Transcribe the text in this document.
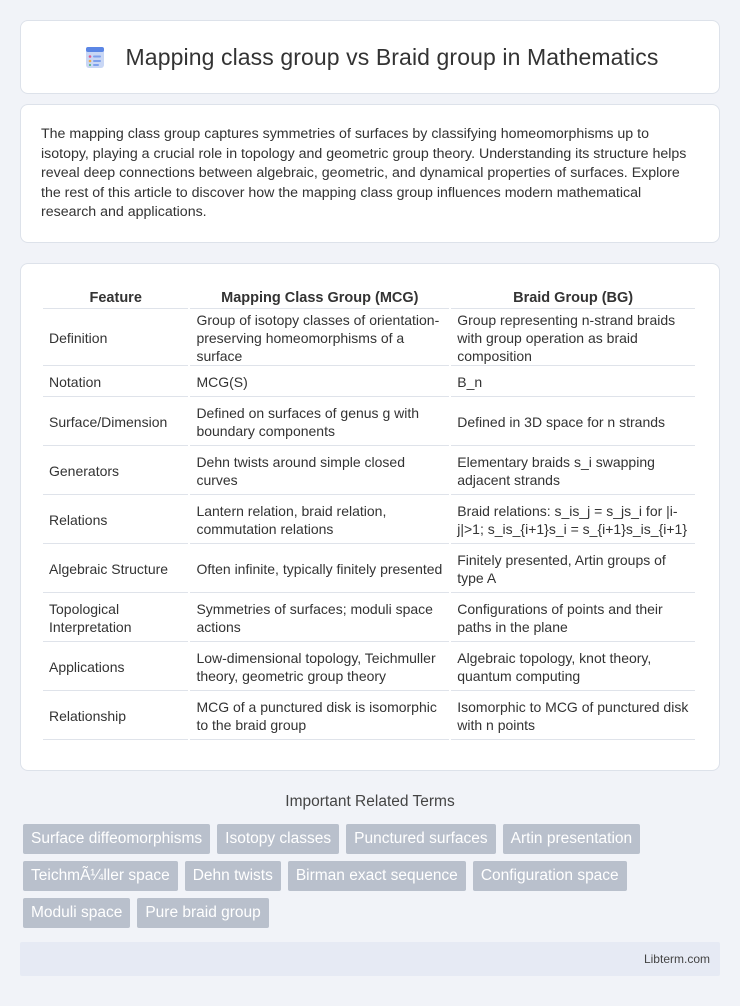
Mapping class group vs Braid group in Mathematics

The mapping class group captures symmetries of surfaces by classifying homeomorphisms up to isotopy, playing a crucial role in topology and geometric group theory. Understanding its structure helps reveal deep connections between algebraic, geometric, and dynamical properties of surfaces. Explore the rest of this article to discover how the mapping class group influences modern mathematical research and applications.

Feature	Mapping Class Group (MCG)	Braid Group (BG)
Definition	Group of isotopy classes of orientation-preserving homeomorphisms of a surface	Group representing n-strand braids with group operation as braid composition
Notation	MCG(S)	B_n
Surface/Dimension	Defined on surfaces of genus g with boundary components	Defined in 3D space for n strands
Generators	Dehn twists around simple closed curves	Elementary braids s_i swapping adjacent strands
Relations	Lantern relation, braid relation, commutation relations	Braid relations: s_is_j = s_js_i for |i-j|>1; s_is_{i+1}s_i = s_{i+1}s_is_{i+1}
Algebraic Structure	Often infinite, typically finitely presented	Finitely presented, Artin groups of type A
Topological Interpretation	Symmetries of surfaces; moduli space actions	Configurations of points and their paths in the plane
Applications	Low-dimensional topology, Teichmuller theory, geometric group theory	Algebraic topology, knot theory, quantum computing
Relationship	MCG of a punctured disk is isomorphic to the braid group	Isomorphic to MCG of punctured disk with n points
Important Related Terms
Surface diffeomorphisms	Isotopy classes	Punctured surfaces	Artin presentation
TeichmÃ¼ller space	Dehn twists	Birman exact sequence	Configuration space
Moduli space	Pure braid group
Libterm.com
